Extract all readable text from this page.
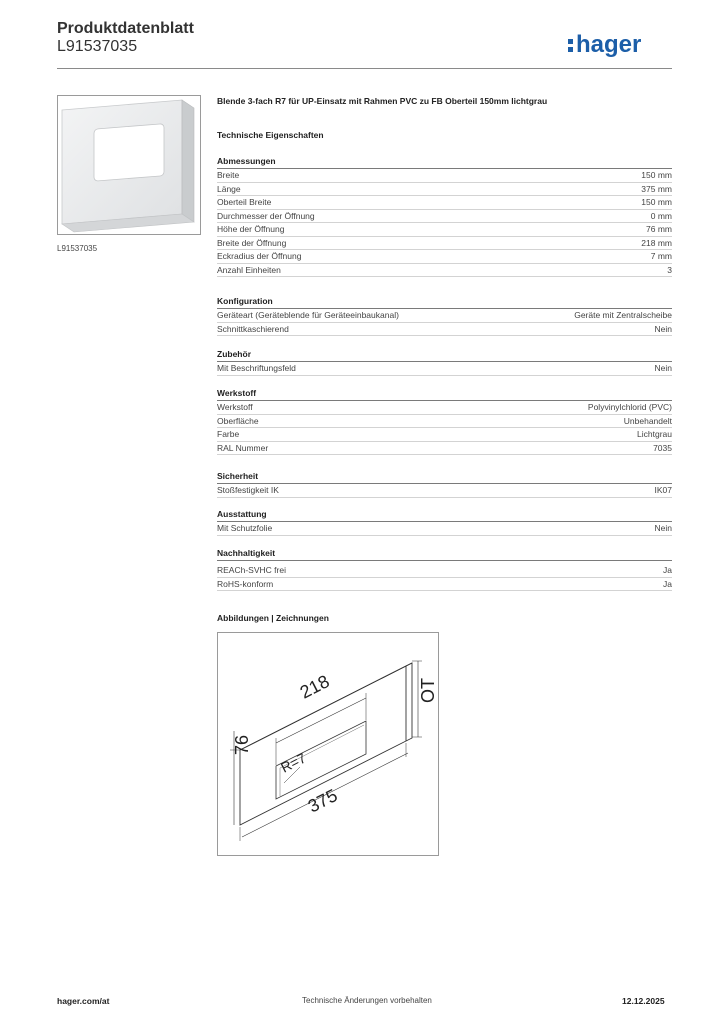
Produktdatenblatt
L91537035	hager
L91537035
Blende 3-fach R7 für UP-Einsatz mit Rahmen PVC zu FB Oberteil 150mm lichtgrau
Technische Eigenschaften
Abmessungen
Breite	150 mm
Länge	375 mm
Oberteil Breite	150 mm
Durchmesser der Öffnung	0 mm
Höhe der Öffnung	76 mm
Breite der Öffnung	218 mm
Eckradius der Öffnung	7 mm
Anzahl Einheiten	3
Konfiguration
Geräteart (Geräteblende für Geräteeinbaukanal)	Geräte mit Zentralscheibe
Schnittkaschierend	Nein
Zubehör
Mit Beschriftungsfeld	Nein
Werkstoff
Werkstoff	Polyvinylchlorid (PVC)
Oberfläche	Unbehandelt
Farbe	Lichtgrau
RAL Nummer	7035
Sicherheit
Stoßfestigkeit IK	IK07
Ausstattung
Mit Schutzfolie	Nein
Nachhaltigkeit
REACh-SVHC frei	Ja
RoHS-konform	Ja
Abbildungen | Zeichnungen
218
76
375
R=7
OT
hager.com/at	Technische Änderungen vorbehalten	12.12.2025
